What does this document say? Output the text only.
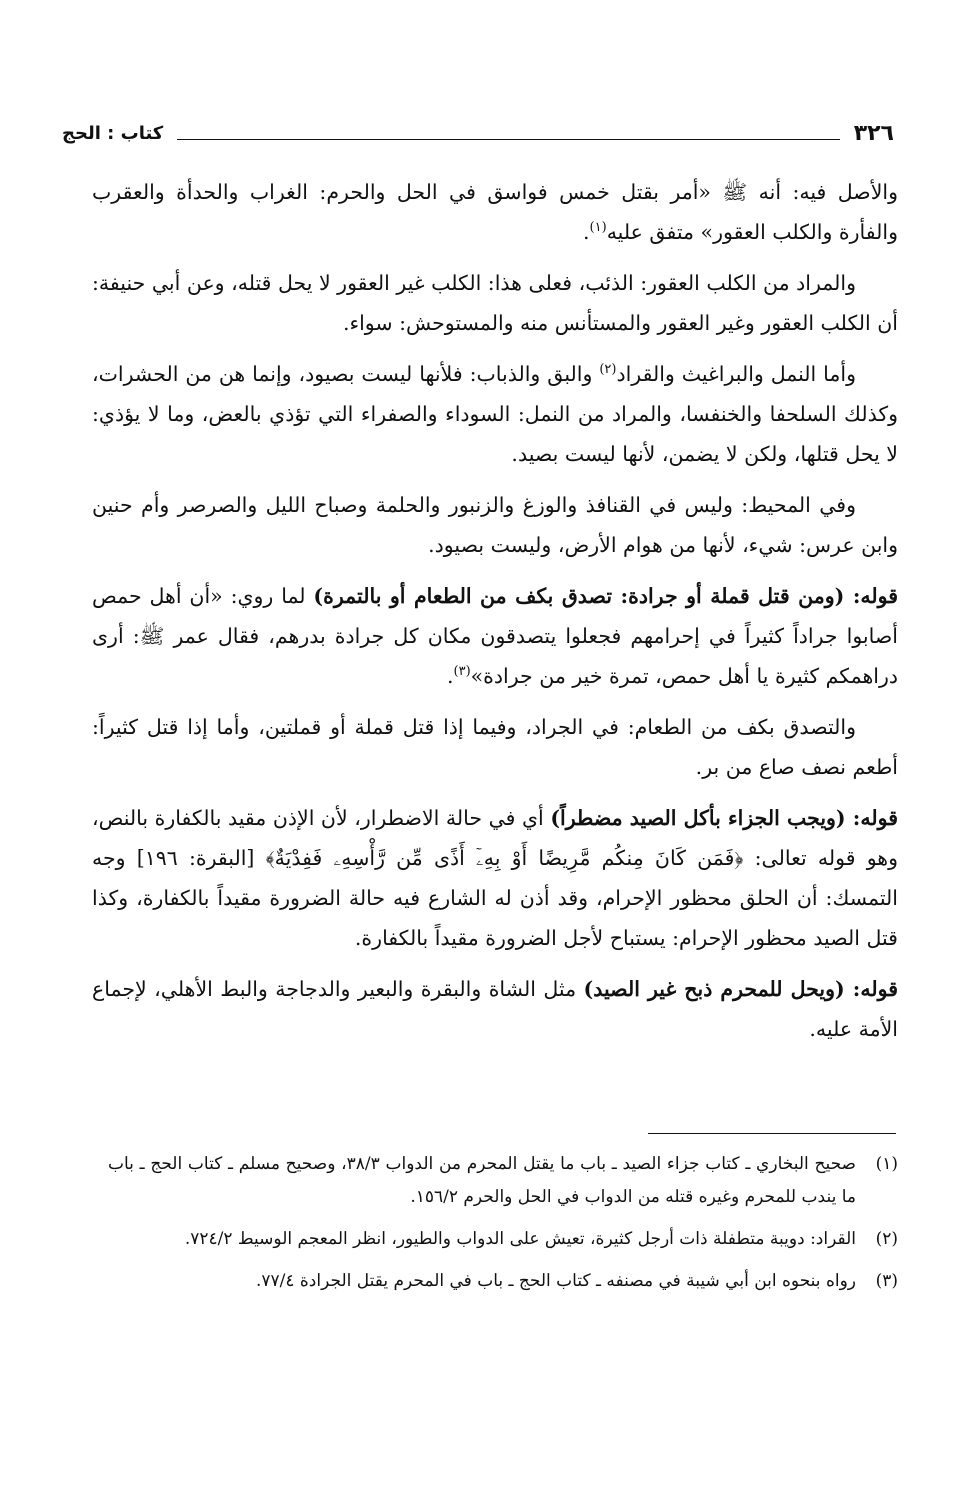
٣٢٦
كتاب : الحج

والأصل فيه: أنه ﷺ «أمر بقتل خمس فواسق في الحل والحرم: الغراب والحدأة والعقرب والفأرة والكلب العقور» متفق عليه$^{(١)}$.

والمراد من الكلب العقور: الذئب، فعلى هذا: الكلب غير العقور لا يحل قتله، وعن أبي حنيفة: أن الكلب العقور وغير العقور والمستأنس منه والمستوحش: سواء.

وأما النمل والبراغيث والقراد$^{(٢)}$ والبق والذباب: فلأنها ليست بصيود، وإنما هن من الحشرات، وكذلك السلحفا والخنفسا، والمراد من النمل: السوداء والصفراء التي تؤذي بالعض، وما لا يؤذي: لا يحل قتلها، ولكن لا يضمن، لأنها ليست بصيد.

وفي المحيط: وليس في القنافذ والوزغ والزنبور والحلمة وصباح الليل والصرصر وأم حنين وابن عرس: شيء، لأنها من هوام الأرض، وليست بصيود.

قوله: (ومن قتل قملة أو جرادة: تصدق بكف من الطعام أو بالتمرة) لما روي: «أن أهل حمص أصابوا جراداً كثيراً في إحرامهم فجعلوا يتصدقون مكان كل جرادة بدرهم، فقال عمر ﷺ: أرى دراهمكم كثيرة يا أهل حمص، تمرة خير من جرادة»$^{(٣)}$.

والتصدق بكف من الطعام: في الجراد، وفيما إذا قتل قملة أو قملتين، وأما إذا قتل كثيراً: أطعم نصف صاع من بر.

قوله: (ويجب الجزاء بأكل الصيد مضطراً) أي في حالة الاضطرار، لأن الإذن مقيد بالكفارة بالنص، وهو قوله تعالى: ﴿فَمَن كَانَ مِنكُم مَّرِيضًا أَوْ بِهِۦٓ أَذًى مِّن رَّأْسِهِۦ فَفِدْيَةٌ﴾ [البقرة: ١٩٦] وجه التمسك: أن الحلق محظور الإحرام، وقد أذن له الشارع فيه حالة الضرورة مقيداً بالكفارة، وكذا قتل الصيد محظور الإحرام: يستباح لأجل الضرورة مقيداً بالكفارة.

قوله: (ويحل للمحرم ذبح غير الصيد) مثل الشاة والبقرة والبعير والدجاجة والبط الأهلي، لإجماع الأمة عليه.

(١)
صحيح البخاري ـ كتاب جزاء الصيد ـ باب ما يقتل المحرم من الدواب ٣٨/٣، وصحيح مسلم ـ كتاب الحج ـ باب ما يندب للمحرم وغيره قتله من الدواب في الحل والحرم ١٥٦/٢.
(٢)
القراد: دويبة متطفلة ذات أرجل كثيرة، تعيش على الدواب والطيور، انظر المعجم الوسيط ٧٢٤/٢.
(٣)
رواه بنحوه ابن أبي شيبة في مصنفه ـ كتاب الحج ـ باب في المحرم يقتل الجرادة ٧٧/٤.
